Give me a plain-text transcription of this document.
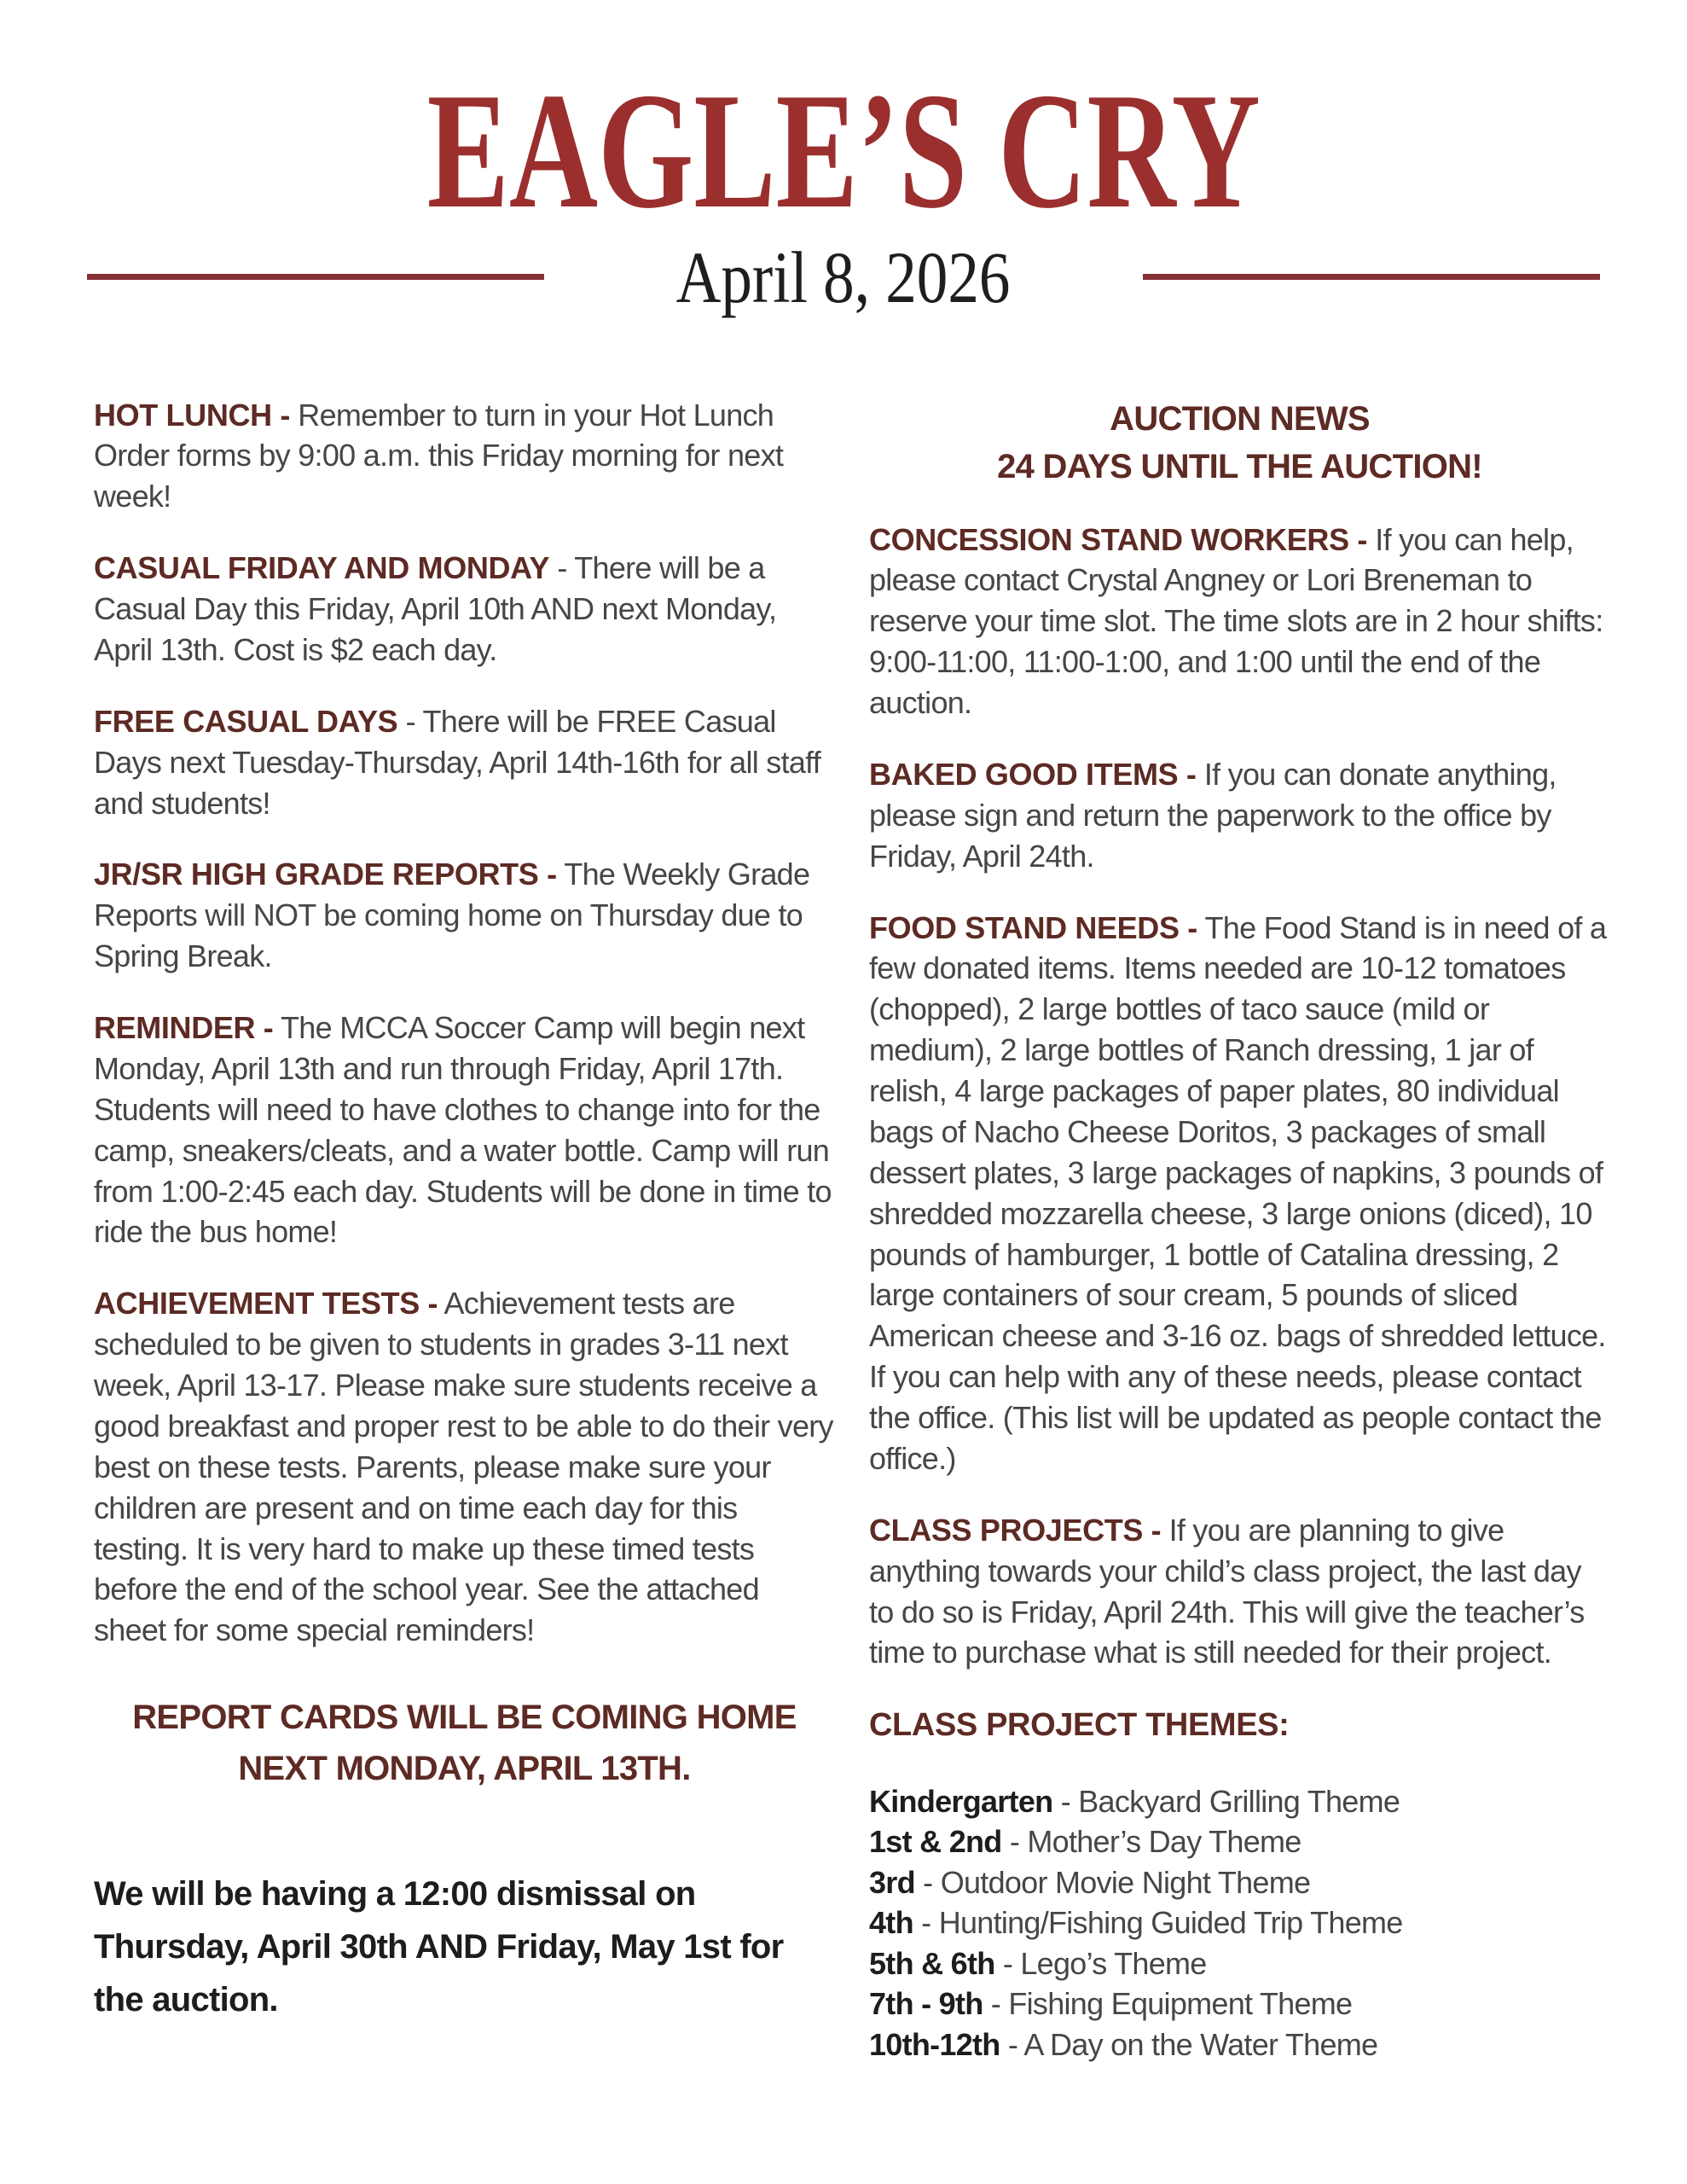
EAGLE’S CRY
April 8, 2026

HOT LUNCH - Remember to turn in your Hot Lunch Order forms by 9:00 a.m. this Friday morning for next week!

CASUAL FRIDAY AND MONDAY - There will be a Casual Day this Friday, April 10th AND next Monday, April 13th. Cost is $2 each day.

FREE CASUAL DAYS - There will be FREE Casual Days next Tuesday-Thursday, April 14th-16th for all staff and students!

JR/SR HIGH GRADE REPORTS - The Weekly Grade Reports will NOT be coming home on Thursday due to Spring Break.

REMINDER - The MCCA Soccer Camp will begin next Monday, April 13th and run through Friday, April 17th. Students will need to have clothes to change into for the camp, sneakers/cleats, and a water bottle. Camp will run from 1:00-2:45 each day. Students will be done in time to ride the bus home!

ACHIEVEMENT TESTS - Achievement tests are scheduled to be given to students in grades 3-11 next week, April 13-17. Please make sure students receive a good breakfast and proper rest to be able to do their very best on these tests. Parents, please make sure your children are present and on time each day for this testing. It is very hard to make up these timed tests before the end of the school year. See the attached sheet for some special reminders!

REPORT CARDS WILL BE COMING HOME NEXT MONDAY, APRIL 13TH.
We will be having a 12:00 dismissal on Thursday, April 30th AND Friday, May 1st for the auction.
AUCTION NEWS
24 DAYS UNTIL THE AUCTION!

CONCESSION STAND WORKERS - If you can help, please contact Crystal Angney or Lori Breneman to reserve your time slot. The time slots are in 2 hour shifts: 9:00-11:00, 11:00-1:00, and 1:00 until the end of the auction.

BAKED GOOD ITEMS - If you can donate anything, please sign and return the paperwork to the office by Friday, April 24th.

FOOD STAND NEEDS - The Food Stand is in need of a few donated items. Items needed are 10-12 tomatoes (chopped), 2 large bottles of taco sauce (mild or medium), 2 large bottles of Ranch dressing, 1 jar of relish, 4 large packages of paper plates, 80 individual bags of Nacho Cheese Doritos, 3 packages of small dessert plates, 3 large packages of napkins, 3 pounds of shredded mozzarella cheese, 3 large onions (diced), 10 pounds of hamburger, 1 bottle of Catalina dressing, 2 large containers of sour cream, 5 pounds of sliced American cheese and 3-16 oz. bags of shredded lettuce. If you can help with any of these needs, please contact the office. (This list will be updated as people contact the office.)

CLASS PROJECTS - If you are planning to give anything towards your child’s class project, the last day to do so is Friday, April 24th. This will give the teacher’s time to purchase what is still needed for their project.

CLASS PROJECT THEMES:
Kindergarten - Backyard Grilling Theme
1st & 2nd - Mother’s Day Theme
3rd - Outdoor Movie Night Theme
4th - Hunting/Fishing Guided Trip Theme
5th & 6th - Lego’s Theme
7th - 9th - Fishing Equipment Theme
10th-12th - A Day on the Water Theme
